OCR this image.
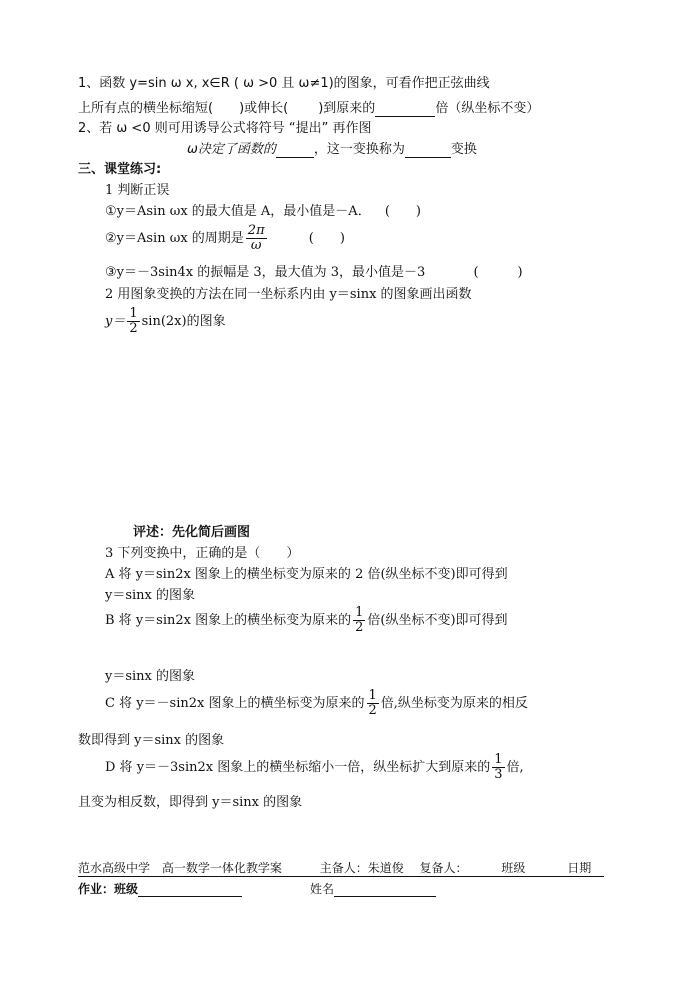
1、函数 y=sin ω x, x∈R ( ω >0 且 ω≠1)的图象，可看作把正弦曲线
上所有点的横坐标缩短( )或伸长( )到原来的	倍（纵坐标不变）
2、若 ω <0 则可用诱导公式将符号 “提出” 再作图
ω决定了函数的	，这一变换称为	变换
三、课堂练习:
1 判断正误
①y＝Asin ωx 的最大值是 A，最小值是－A． (　　)
②y＝Asin ωx 的周期是 $\frac{2\pi}{\omega}$	(　　)
③y＝－3sin4x 的振幅是 3，最大值为 3，最小值是－3	(　　　)
2 用图象变换的方法在同一坐标系内由 y＝sinx 的图象画出函数
$y= \frac{1}{2} \sin(2x)$的图象
评述：先化简后画图
3 下列变换中，正确的是（　　）
A 将 y＝sin2x 图象上的横坐标变为原来的 2 倍(纵坐标不变)即可得到
y＝sinx 的图象
B 将 y＝sin2x 图象上的横坐标变为原来的 $\frac{1}{2}$ 倍(纵坐标不变)即可得到
y＝sinx 的图象
C 将 y＝－sin2x 图象上的横坐标变为原来的 $\frac{1}{2}$ 倍,纵坐标变为原来的相反
数即得到 y＝sinx 的图象
D 将 y＝－3sin2x 图象上的横坐标缩小一倍，纵坐标扩大到原来的 $\frac{1}{3}$ 倍,
且变为相反数，即得到 y＝sinx 的图象
范水高级中学 高一数学一体化教学案	主备人：朱道俊 复备人：	班级	日期
作业：班级	姓名
